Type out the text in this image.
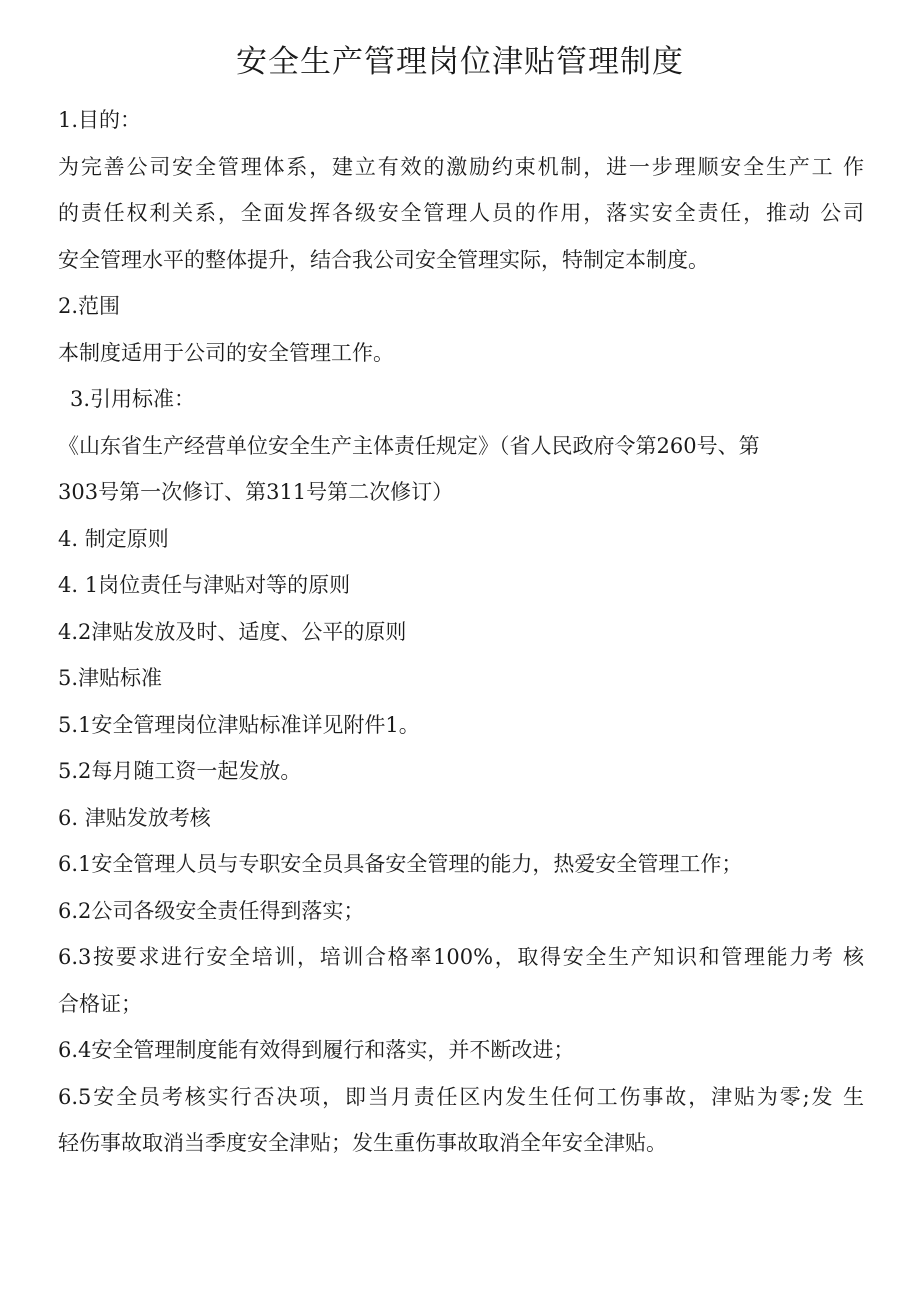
安全生产管理岗位津贴管理制度
1.目的：
为完善公司安全管理体系，建立有效的激励约束机制，进一步理顺安全生产工 作
的责任权利关系，全面发挥各级安全管理人员的作用，落实安全责任，推动 公司
安全管理水平的整体提升，结合我公司安全管理实际，特制定本制度。
2.范围
本制度适用于公司的安全管理工作。
3.引用标准：
《山东省生产经营单位安全生产主体责任规定》（省人民政府令第260号、第
303号第一次修订、第311号第二次修订）
4. 制定原则
4. 1岗位责任与津贴对等的原则
4.2津贴发放及时、适度、公平的原则
5.津贴标准
5.1安全管理岗位津贴标准详见附件1。
5.2每月随工资一起发放。
6. 津贴发放考核
6.1安全管理人员与专职安全员具备安全管理的能力，热爱安全管理工作；
6.2公司各级安全责任得到落实；
6.3按要求进行安全培训，培训合格率100%，取得安全生产知识和管理能力考 核
合格证；
6.4安全管理制度能有效得到履行和落实，并不断改进；
6.5安全员考核实行否决项，即当月责任区内发生任何工伤事故，津贴为零;发 生
轻伤事故取消当季度安全津贴；发生重伤事故取消全年安全津贴。
